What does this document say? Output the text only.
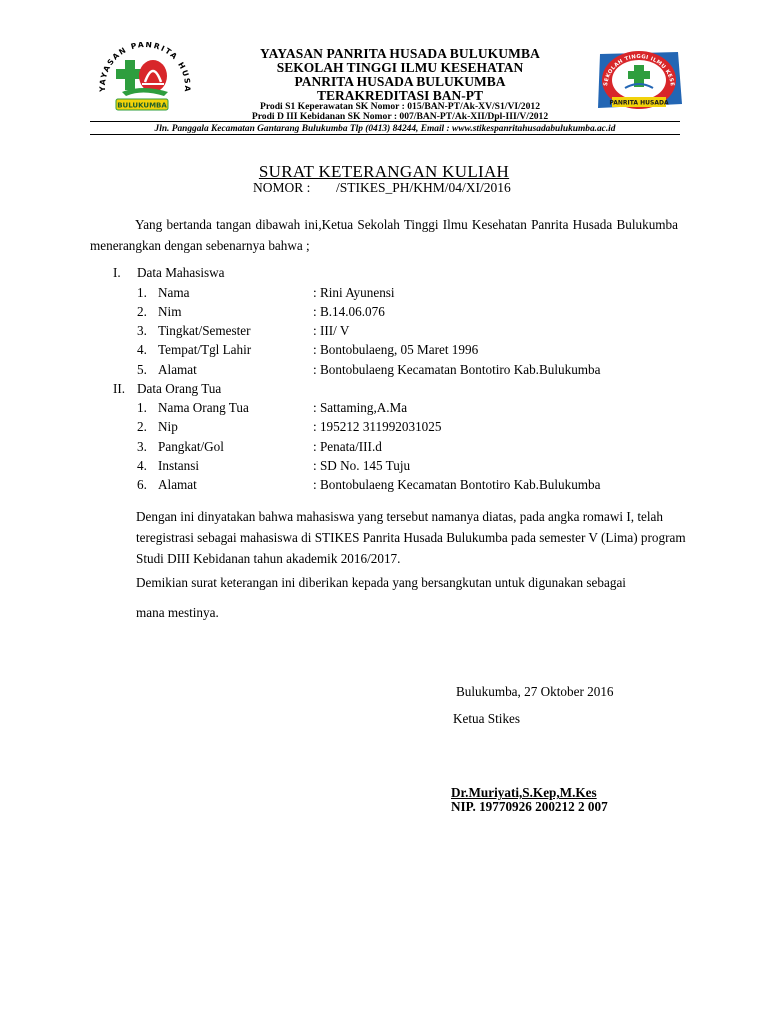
YAYASAN PANRITA HUSA
BULUKUMBA
SEKOLAH TINGGI ILMU KESE
PANRITA HUSADA
YAYASAN PANRITA HUSADA BULUKUMBA
SEKOLAH TINGGI ILMU KESEHATAN
PANRITA HUSADA BULUKUMBA
TERAKREDITASI BAN-PT
Prodi S1 Keperawatan SK Nomor : 015/BAN-PT/Ak-XV/S1/VI/2012
Prodi D III Kebidanan SK Nomor : 007/BAN-PT/Ak-XII/Dpl-III/V/2012
Jln. Panggala Kecamatan Gantarang Bulukumba Tlp (0413) 84244, Email : www.stikespanritahusadabulukumba.ac.id
SURAT KETERANGAN KULIAH
NOMOR : /STIKES_PH/KHM/04/XI/2016
Yang bertanda tangan dibawah ini,Ketua Sekolah Tinggi Ilmu Kesehatan Panrita Husada Bulukumba menerangkan dengan sebenarnya bahwa ;
I. Data Mahasiswa
1. Nama	: Rini Ayunensi
2. Nim	: B.14.06.076
3. Tingkat/Semester	: III/ V
4. Tempat/Tgl Lahir	: Bontobulaeng, 05 Maret 1996
5. Alamat	: Bontobulaeng Kecamatan Bontotiro Kab.Bulukumba
II. Data Orang Tua
1. Nama Orang Tua	: Sattaming,A.Ma
2. Nip	: 195212 311992031025
3. Pangkat/Gol	: Penata/III.d
4. Instansi	: SD No. 145 Tuju
6. Alamat	: Bontobulaeng Kecamatan Bontotiro Kab.Bulukumba
Dengan ini dinyatakan bahwa mahasiswa yang tersebut namanya diatas, pada angka romawi I, telah teregistrasi sebagai mahasiswa di STIKES Panrita Husada Bulukumba pada semester V (Lima) program Studi DIII Kebidanan tahun akademik 2016/2017.
Demikian surat keterangan ini diberikan kepada yang bersangkutan untuk digunakan sebagai
mana mestinya.
Bulukumba, 27 Oktober 2016
Ketua Stikes
Dr.Muriyati,S.Kep,M.Kes
NIP. 19770926 200212 2 007
